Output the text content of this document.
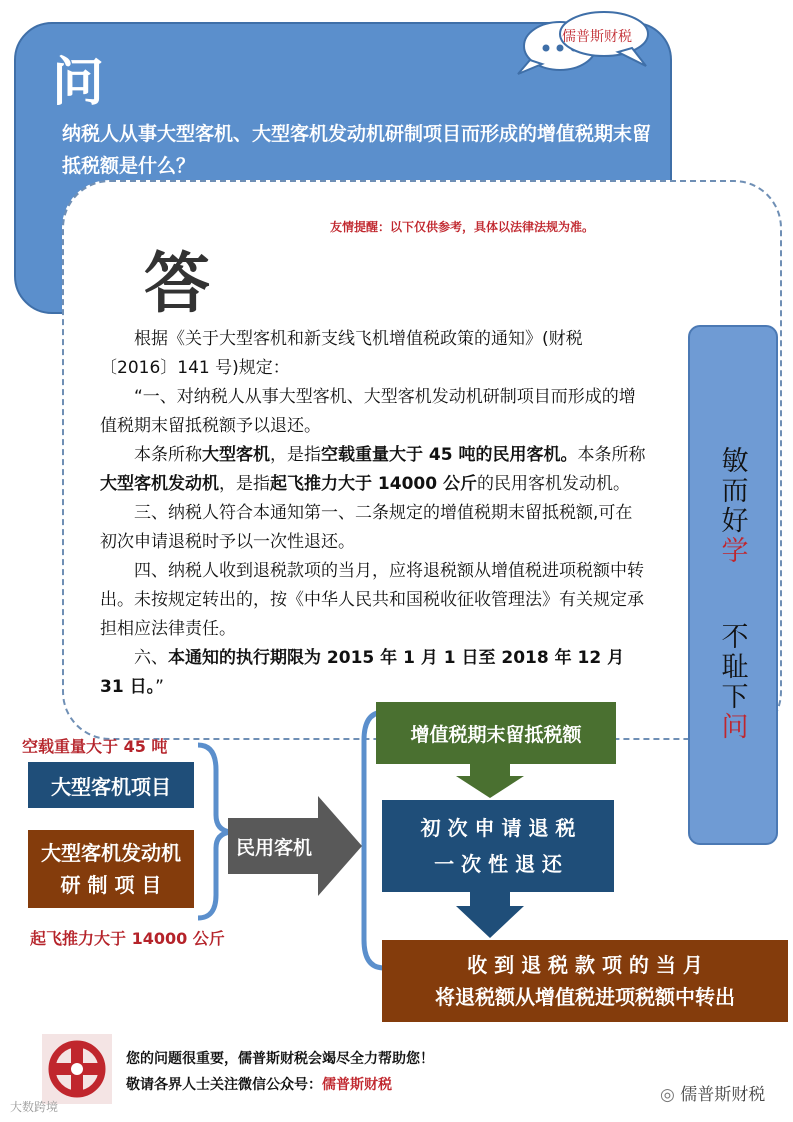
问
纳税人从事大型客机、大型客机发动机研制项目而形成的增值税期末留抵税额是什么？
儒普斯财税
友情提醒：以下仅供参考，具体以法律法规为准。
答

根据《关于大型客机和新支线飞机增值税政策的通知》(财税〔2016〕141 号)规定：

“一、对纳税人从事大型客机、大型客机发动机研制项目而形成的增值税期末留抵税额予以退还。

本条所称大型客机，是指空载重量大于 45 吨的民用客机。本条所称大型客机发动机，是指起飞推力大于 14000 公斤的民用客机发动机。

三、纳税人符合本通知第一、二条规定的增值税期末留抵税额,可在初次申请退税时予以一次性退还。

四、纳税人收到退税款项的当月，应将退税额从增值税进项税额中转出。未按规定转出的，按《中华人民共和国税收征收管理法》有关规定承担相应法律责任。

六、本通知的执行期限为 2015 年 1 月 1 日至 2018 年 12 月 31 日。”

敏
而
好
学
不
耻
下
问
空载重量大于 45 吨
大型客机项目
大型客机发动机
研 制 项 目
起飞推力大于 14000 公斤
民用客机
增值税期末留抵税额
初 次 申 请 退 税
一 次 性 退 还
收 到 退 税 款 项 的 当 月
将退税额从增值税进项税额中转出
您的问题很重要，儒普斯财税会竭尽全力帮助您！
敬请各界人士关注微信公众号：儒普斯财税	◎ 儒普斯财税
大数跨境
